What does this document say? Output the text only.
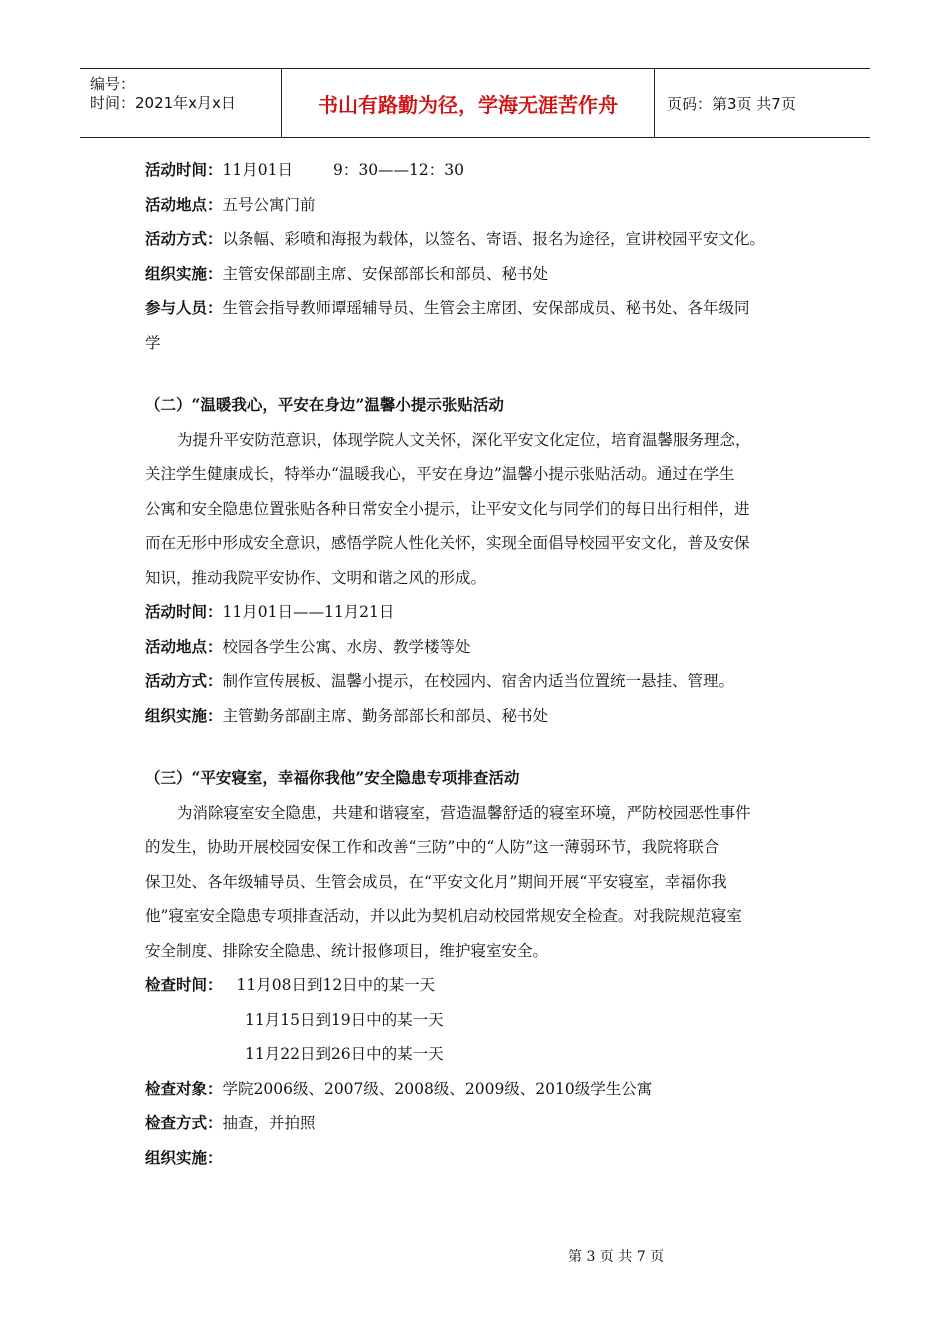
编号：
时间：2021年x月x日	书山有路勤为径，学海无涯苦作舟	页码：第3页 共7页
活动时间：11月01日	9：30——12：30
活动地点：五号公寓门前
活动方式：以条幅、彩喷和海报为载体，以签名、寄语、报名为途径，宣讲校园平安文化。
组织实施：主管安保部副主席、安保部部长和部员、秘书处
参与人员：生管会指导教师谭瑶辅导员、生管会主席团、安保部成员、秘书处、各年级同
学
（二）“温暖我心，平安在身边”温馨小提示张贴活动
为提升平安防范意识，体现学院人文关怀，深化平安文化定位，培育温馨服务理念，
关注学生健康成长，特举办“温暖我心，平安在身边”温馨小提示张贴活动。通过在学生
公寓和安全隐患位置张贴各种日常安全小提示，让平安文化与同学们的每日出行相伴，进
而在无形中形成安全意识，感悟学院人性化关怀，实现全面倡导校园平安文化，普及安保
知识，推动我院平安协作、文明和谐之风的形成。
活动时间：11月01日——11月21日
活动地点：校园各学生公寓、水房、教学楼等处
活动方式：制作宣传展板、温馨小提示，在校园内、宿舍内适当位置统一悬挂、管理。
组织实施：主管勤务部副主席、勤务部部长和部员、秘书处
（三）“平安寝室，幸福你我他”安全隐患专项排查活动
为消除寝室安全隐患，共建和谐寝室，营造温馨舒适的寝室环境，严防校园恶性事件
的发生，协助开展校园安保工作和改善“三防”中的“人防”这一薄弱环节，我院将联合
保卫处、各年级辅导员、生管会成员，在“平安文化月”期间开展“平安寝室，幸福你我
他”寝室安全隐患专项排查活动，并以此为契机启动校园常规安全检查。对我院规范寝室
安全制度、排除安全隐患、统计报修项目，维护寝室安全。
检查时间： 11月08日到12日中的某一天
11月15日到19日中的某一天
11月22日到26日中的某一天
检查对象：学院2006级、2007级、2008级、2009级、2010级学生公寓
检查方式：抽查，并拍照
组织实施：
第 3 页 共 7 页
